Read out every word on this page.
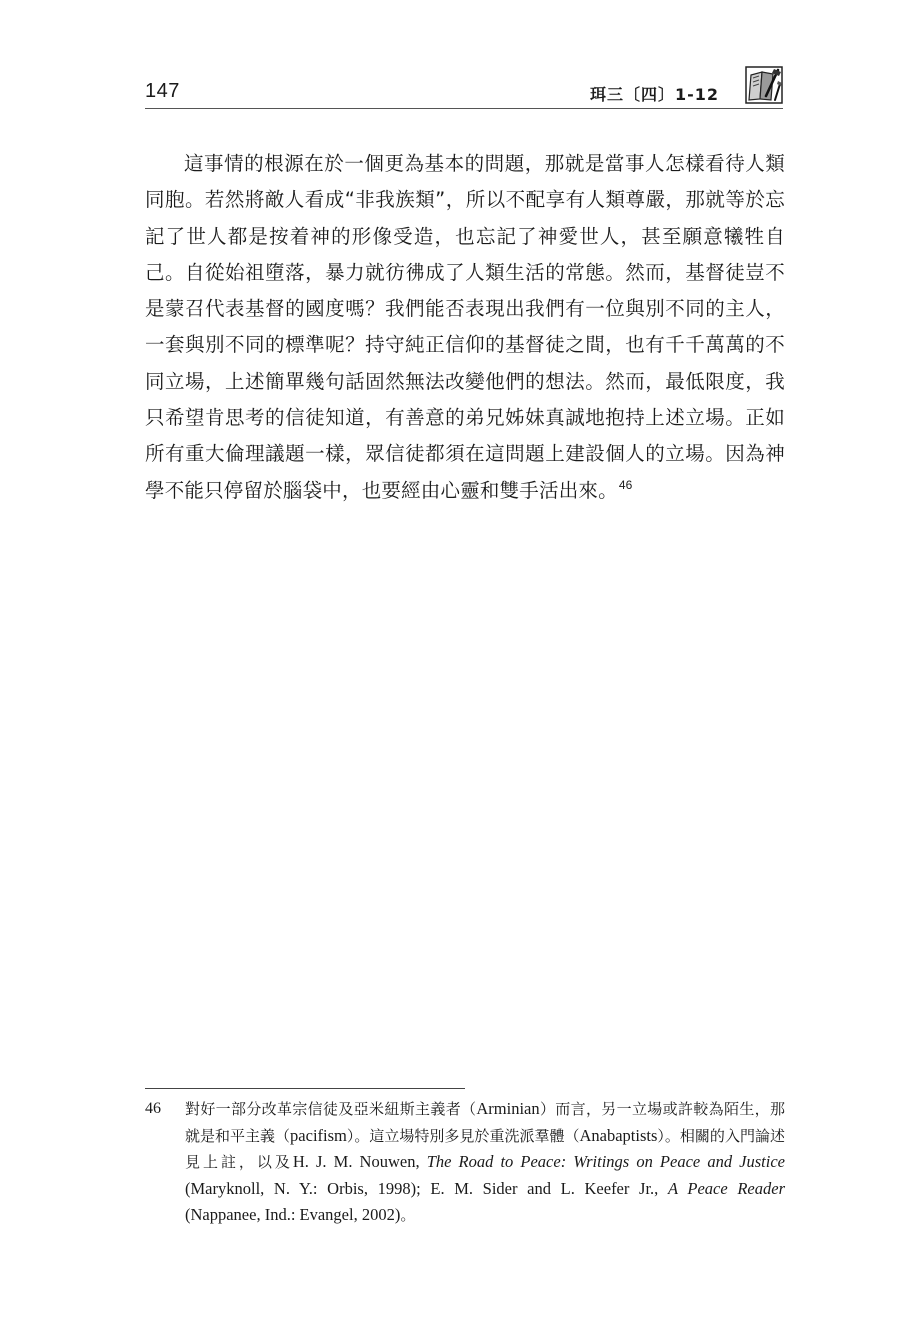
147	珥三〔四〕1-12

這事情的根源在於一個更為基本的問題，那就是當事人怎樣看待人類同胞。若然將敵人看成“非我族類”，所以不配享有人類尊嚴，那就等於忘記了世人都是按着神的形像受造，也忘記了神愛世人，甚至願意犧牲自己。自從始祖墮落，暴力就彷彿成了人類生活的常態。然而，基督徒豈不是蒙召代表基督的國度嗎？我們能否表現出我們有一位與別不同的主人，一套與別不同的標準呢？持守純正信仰的基督徒之間，也有千千萬萬的不同立場，上述簡單幾句話固然無法改變他們的想法。然而，最低限度，我只希望肯思考的信徒知道，有善意的弟兄姊妹真誠地抱持上述立場。正如所有重大倫理議題一樣，眾信徒都須在這問題上建設個人的立場。因為神學不能只停留於腦袋中，也要經由心靈和雙手活出來。$^{46}$

46 對好一部分改革宗信徒及亞米紐斯主義者（Arminian）而言，另一立場或許較為陌生，那就是和平主義（pacifism）。這立場特別多見於重洗派羣體（Anabaptists）。相關的入門論述見上註，以及H. J. M. Nouwen, The Road to Peace: Writings on Peace and Justice (Maryknoll, N. Y.: Orbis, 1998); E. M. Sider and L. Keefer Jr., A Peace Reader (Nappanee, Ind.: Evangel, 2002)。
